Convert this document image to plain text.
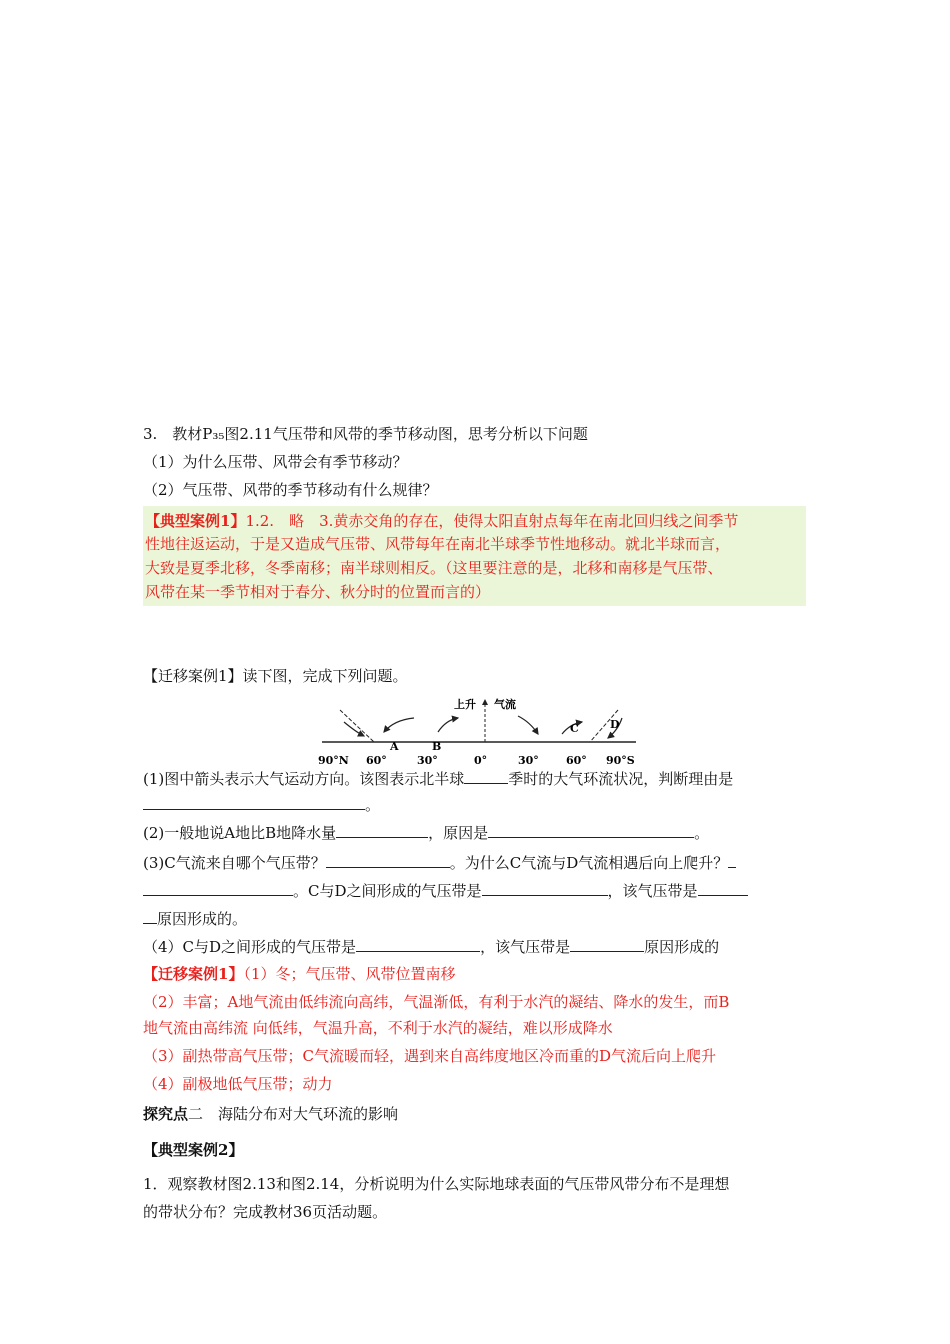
3.　教材P₃₅图2.11气压带和风带的季节移动图，思考分析以下问题
（1）为什么压带、风带会有季节移动？
（2）气压带、风带的季节移动有什么规律？
【典型案例1】1.2.　略　3.黄赤交角的存在，使得太阳直射点每年在南北回归线之间季节
性地往返运动，于是又造成气压带、风带每年在南北半球季节性地移动。就北半球而言，
大致是夏季北移，冬季南移；南半球则相反。（这里要注意的是，北移和南移是气压带、
风带在某一季节相对于春分、秋分时的位置而言的）
【迁移案例1】读下图，完成下列问题。
上升 气流
A	B
C	D
90°N 60°	30°	0°	30° 60° 90°S
(1)图中箭头表示大气运动方向。该图表示北半球	季时的大气环流状况，判断理由是
。
(2)一般地说A地比B地降水量	，原因是	。
(3)C气流来自哪个气压带？	。为什么C气流与D气流相遇后向上爬升？
。C与D之间形成的气压带是	，该气压带是
原因形成的。
（4）C与D之间形成的气压带是	，该气压带是	原因形成的
【迁移案例1】（1）冬；气压带、风带位置南移
（2）丰富；A地气流由低纬流向高纬，气温渐低，有利于水汽的凝结、降水的发生，而B
地气流由高纬流 向低纬，气温升高，不利于水汽的凝结，难以形成降水
（3）副热带高气压带；C气流暖而轻，遇到来自高纬度地区冷而重的D气流后向上爬升
（4）副极地低气压带；动力
探究点二　海陆分布对大气环流的影响
【典型案例2】
1．观察教材图2.13和图2.14，分析说明为什么实际地球表面的气压带风带分布不是理想
的带状分布？完成教材36页活动题。
